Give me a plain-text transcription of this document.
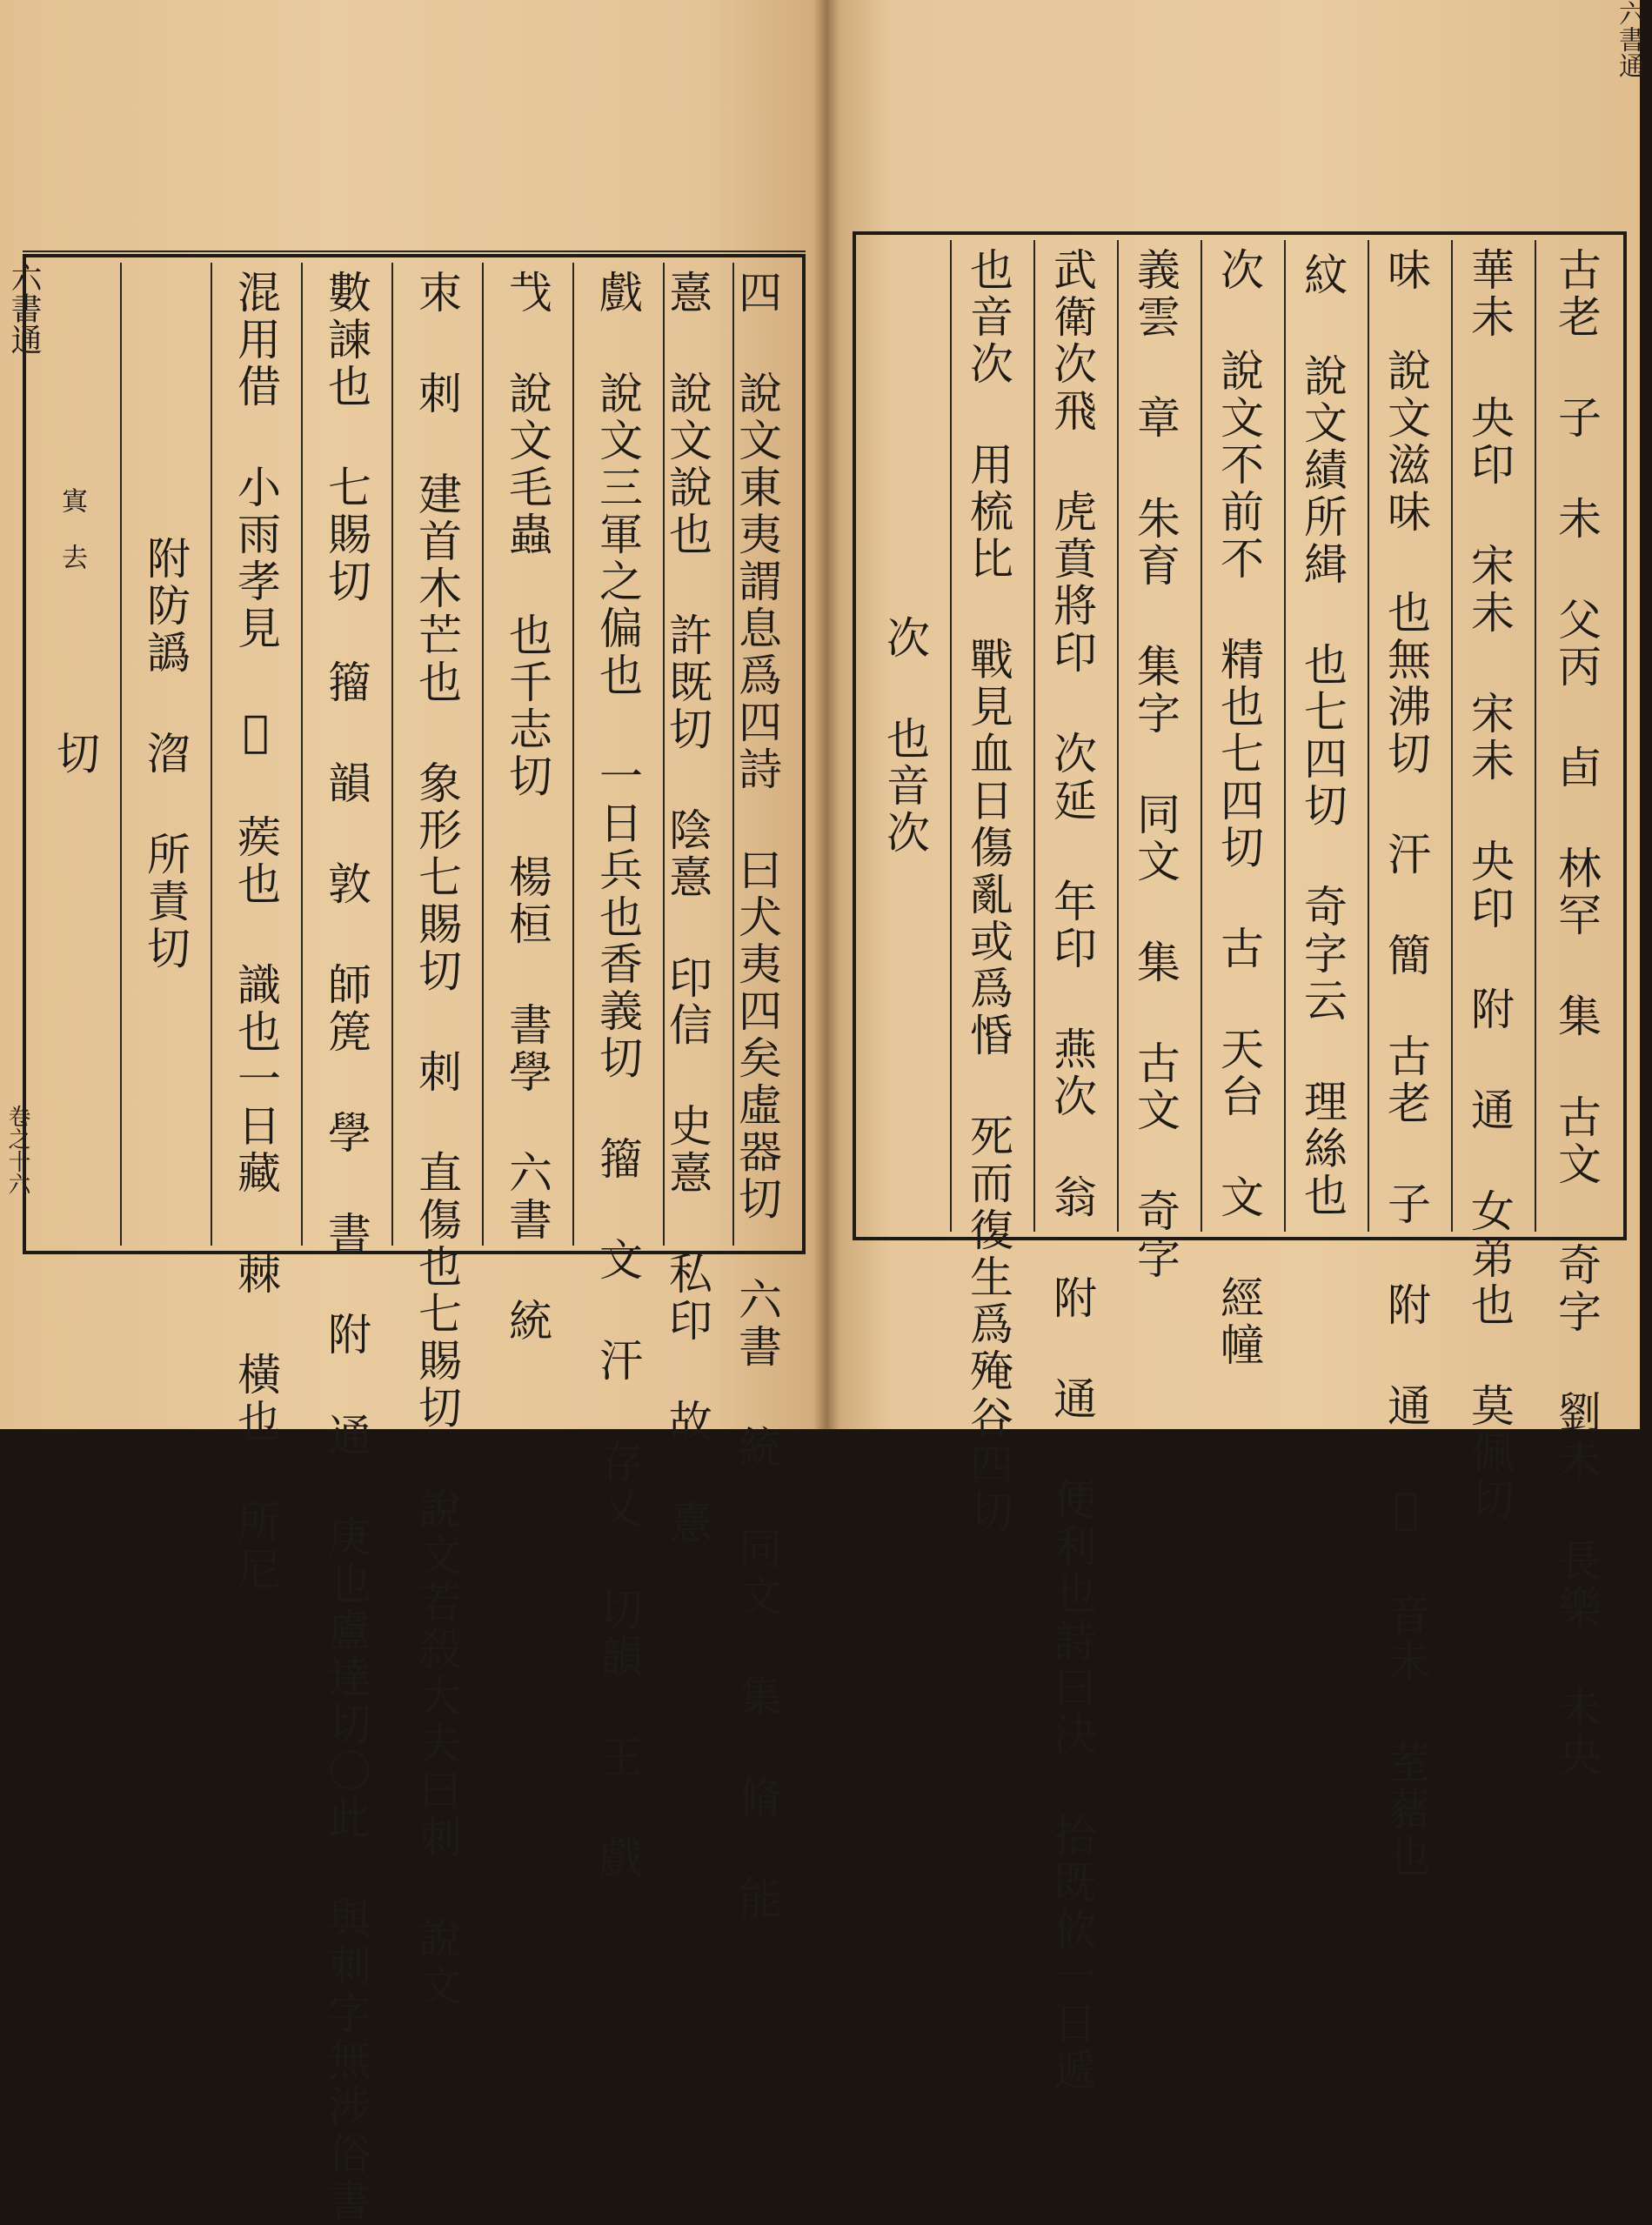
切 附防譌 㳷 所責切 混用借 小雨孝見 𦼥 蒺也 識也一日藏 棘 橫也 所尼 數諫也 七賜切 籀 韻 敦 師箎 學 書 附 通 庚也盧達切〇此 與刺字無涉俗書 朿 刺 建首木芒也 象形七賜切 刺 直傷也七賜切 說文若殺大夫曰刺 說文 𢦏 說文毛蟲 也千志切 楊桓 書學 六書 統 戲 說文三軍之偏也 一日兵也香義切 籀 文 汗 存乂 切韻 王 戲 憙 說文說也 許既切 陰憙 印信 史憙 私印 故 憙 四 說文東夷謂息爲四詩 曰犬夷四矣虛器切 六書 統 同文 集 脩 能
六書通
寘 去
卷之十六
次 也音次 也音次 用梳比 戰見血日傷亂或爲惛 死而復生爲殗谷四切 武衛次飛 虎賁將印 次延 年印 燕次 翁 附 通 便利也詩曰決 拾既佽一日遞 義雲 章 朱育 集字 同文 集 古文 奇字 次 說文不前不 精也七四切 古 天台 文 經幢 紋 說文績所緝 也七四切 奇字云 理絲也 味 說文滋味 也無沸切 汗 簡 古老 子 附 通 𦼥 音未 荎藸也 華未 央印 宋未 宋未 央印 附 通 女弟也 莫佩切 古老 子 未 父丙 卣 林罕 集 古文 奇字 劉未 長樂 未央
六書通
